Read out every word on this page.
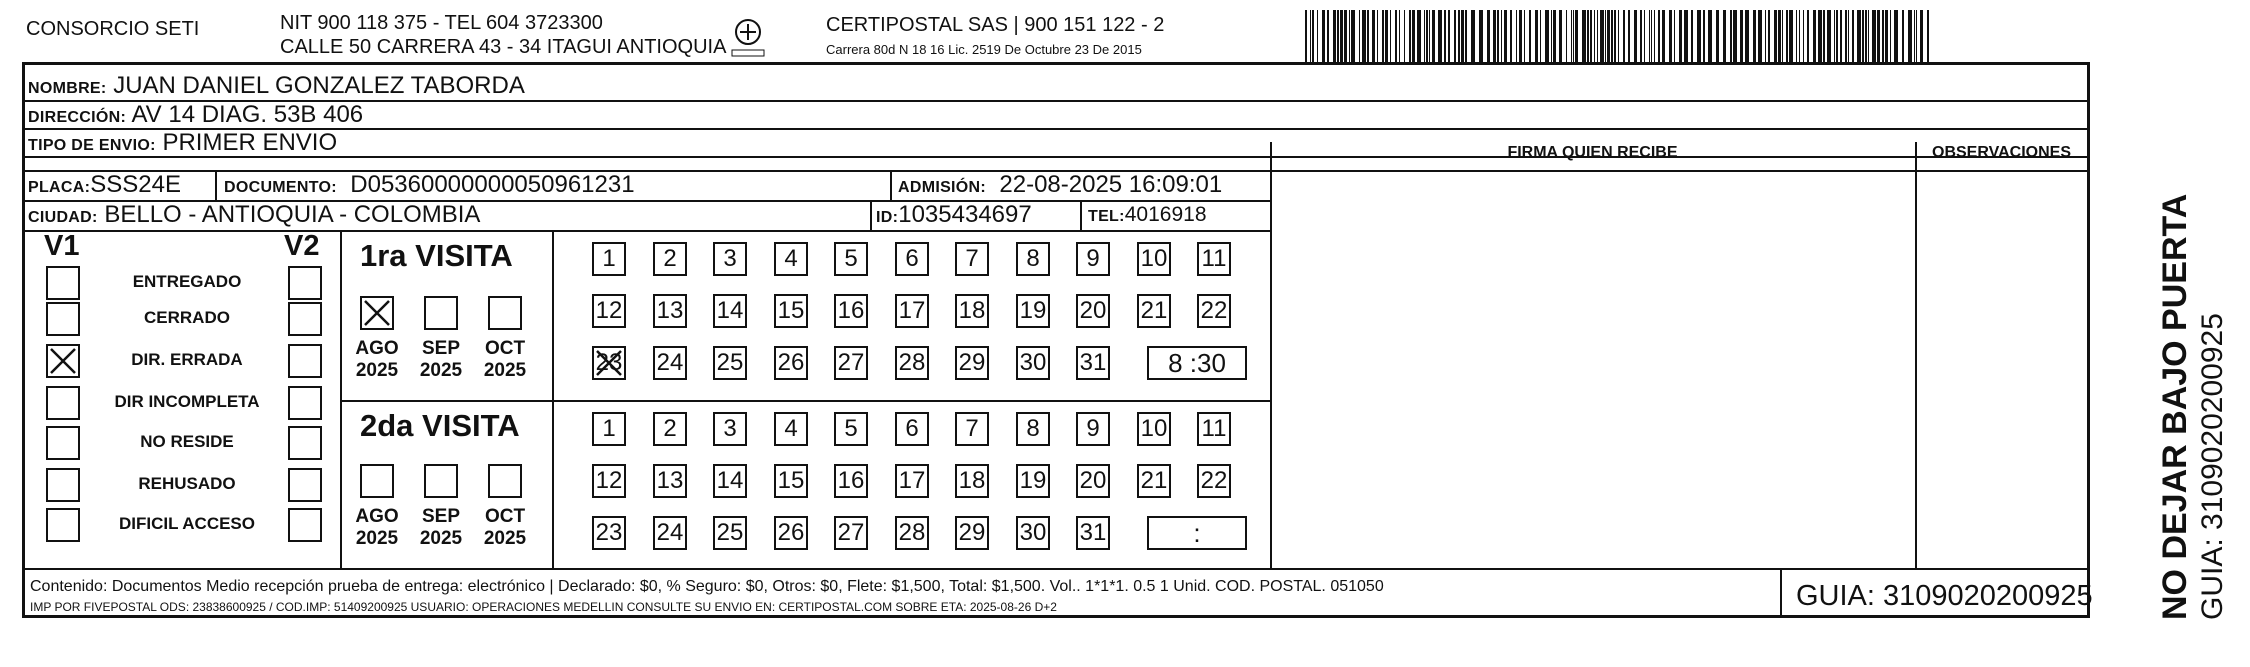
CONSORCIO SETI	NIT 900 118 375 - TEL 604 3723300
CALLE 50 CARRERA 43 - 34 ITAGUI ANTIOQUIA
CERTIPOSTAL SAS | 900 151 122 - 2
Carrera 80d N 18 16 Lic. 2519 De Octubre 23 De 2015
NOMBRE: JUAN DANIEL GONZALEZ TABORDA
DIRECCIÓN: AV 14 DIAG. 53B 406
TIPO DE ENVIO: PRIMER ENVIO
PLACA:SSS24E	DOCUMENTO: D05360000000050961231	ADMISIÓN: 22-08-2025 16:09:01
CIUDAD: BELLO - ANTIOQUIA - COLOMBIA	ID:1035434697	TEL:4016918
FIRMA QUIEN RECIBE	OBSERVACIONES
V1	V2
ENTREGADO
CERRADO
DIR. ERRADA
DIR INCOMPLETA
NO RESIDE
REHUSADO
DIFICIL ACCESO
1ra VISITA
AGO
2025
SEP
2025
OCT
2025
1	2	3	4	5	6	7	8	9	10 11
12 13 14 15 16 17 18 19 20 21 22
23 24 25 26 27 28 29 30 31	8 :30
2da VISITA
AGO
2025
SEP
2025
OCT
2025
1	2	3	4	5	6	7	8	9	10 11
12 13 14 15 16 17 18 19 20 21 22
23 24 25 26 27 28 29 30 31	:
Contenido: Documentos Medio recepción prueba de entrega: electrónico | Declarado: $0, % Seguro: $0, Otros: $0, Flete: $1,500, Total: $1,500. Vol.. 1*1*1. 0.5 1 Unid. COD. POSTAL. 051050
IMP POR FIVEPOSTAL ODS: 23838600925 / COD.IMP: 51409200925 USUARIO: OPERACIONES MEDELLIN CONSULTE SU ENVIO EN: CERTIPOSTAL.COM SOBRE ETA: 2025-08-26 D+2	GUIA: 3109020200925 NO DEJAR BAJO PUERTA GUIA: 3109020200925
